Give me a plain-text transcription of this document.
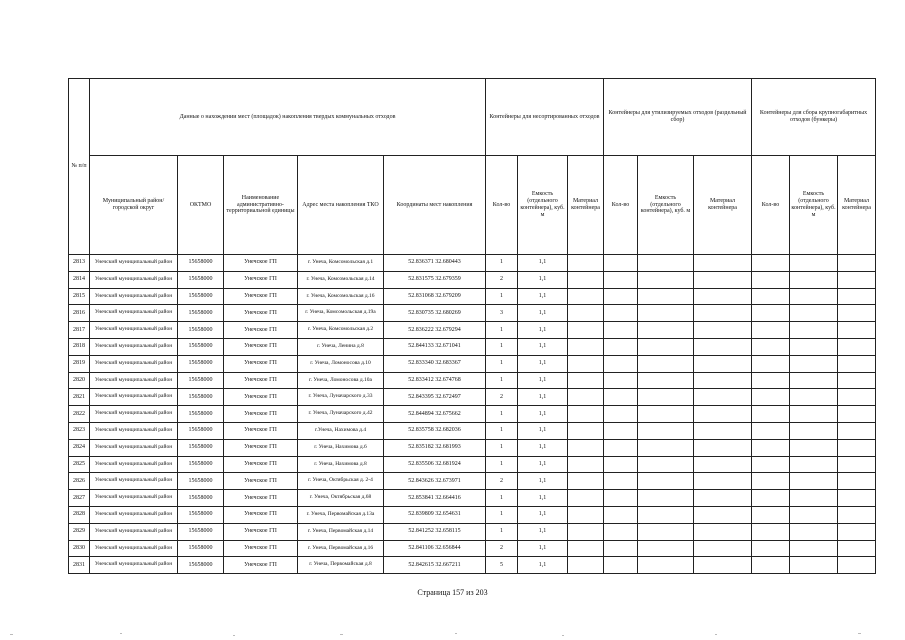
№ п/п	Данные о нахождении мест (площадок) накопления твердых коммунальных отходов					Контейнеры для несортированных отходов			Контейнеры для утилизируемых отходов (раздельный сбор)			Контейнеры для сбора крупногабаритных отходов (бункеры)		
	Муниципальный район/городской округ	ОКТМО	Наименование административно-территориальной единицы	Адрес места накопления ТКО	Координаты мест накопления	Кол-во	Емкость (отдельного контейнера), куб. м	Материал контейнера	Кол-во	Емкость (отдельного контейнера), куб. м	Материал контейнера	Кол-во	Емкость (отдельного контейнера), куб. м	Материал контейнера
2813	Унечский муниципальный район	15658000	Унечское ГП	г. Унеча, Комсомольская д.1	52.836371 32.680443	1	1,1							
2814	Унечский муниципальный район	15658000	Унечское ГП	г. Унеча, Комсомольская д.14	52.831575 32.679359	2	1,1							
2815	Унечский муниципальный район	15658000	Унечское ГП	г. Унеча, Комсомольская д.16	52.831068 32.679209	1	1,1							
2816	Унечский муниципальный район	15658000	Унечское ГП	г. Унеча, Комсомольская д.19а	52.830735 32.680269	3	1,1							
2817	Унечский муниципальный район	15658000	Унечское ГП	г. Унеча, Комсомольская д.2	52.836222 32.679294	1	1,1							
2818	Унечский муниципальный район	15658000	Унечское ГП	г. Унеча, Ленина д.8	52.844133 32.671041	1	1,1							
2819	Унечский муниципальный район	15658000	Унечское ГП	г. Унеча, Ломоносова д.10	52.833340 32.683367	1	1,1							
2820	Унечский муниципальный район	15658000	Унечское ГП	г. Унеча, Ломоносова д.10а	52.833412 32.674768	1	1,1							
2821	Унечский муниципальный район	15658000	Унечское ГП	г. Унеча, Луначарского д.33	52.843395 32.672497	2	1,1							
2822	Унечский муниципальный район	15658000	Унечское ГП	г. Унеча, Луначарского д.42	52.844894 32.675662	1	1,1							
2823	Унечский муниципальный район	15658000	Унечское ГП	г.Унеча, Нахимова д.4	52.835758 32.682036	1	1,1							
2824	Унечский муниципальный район	15658000	Унечское ГП	г. Унеча, Нахимова д.6	52.835182 32.681993	1	1,1							
2825	Унечский муниципальный район	15658000	Унечское ГП	г. Унеча, Нахимова д.8	52.835506 32.681924	1	1,1							
2826	Унечский муниципальный район	15658000	Унечское ГП	г. Унеча, Октябрьская д. 2-4	52.843626 32.673971	2	1,1							
2827	Унечский муниципальный район	15658000	Унечское ГП	г. Унеча, Октябрьская д.68	52.853841 32.664416	1	1,1							
2828	Унечский муниципальный район	15658000	Унечское ГП	г. Унеча, Первомайская д.13а	52.839809 32.654631	1	1,1							
2829	Унечский муниципальный район	15658000	Унечское ГП	г. Унеча, Первомайская д.14	52.841252 32.658115	1	1,1							
2830	Унечский муниципальный район	15658000	Унечское ГП	г. Унеча, Первомайская д.16	52.841106 32.656844	2	1,1							
2831	Унечский муниципальный район	15658000	Унечское ГП	г. Унеча, Первомайская д.8	52.842615 32.667211	5	1,1							
Страница 157 из 203
